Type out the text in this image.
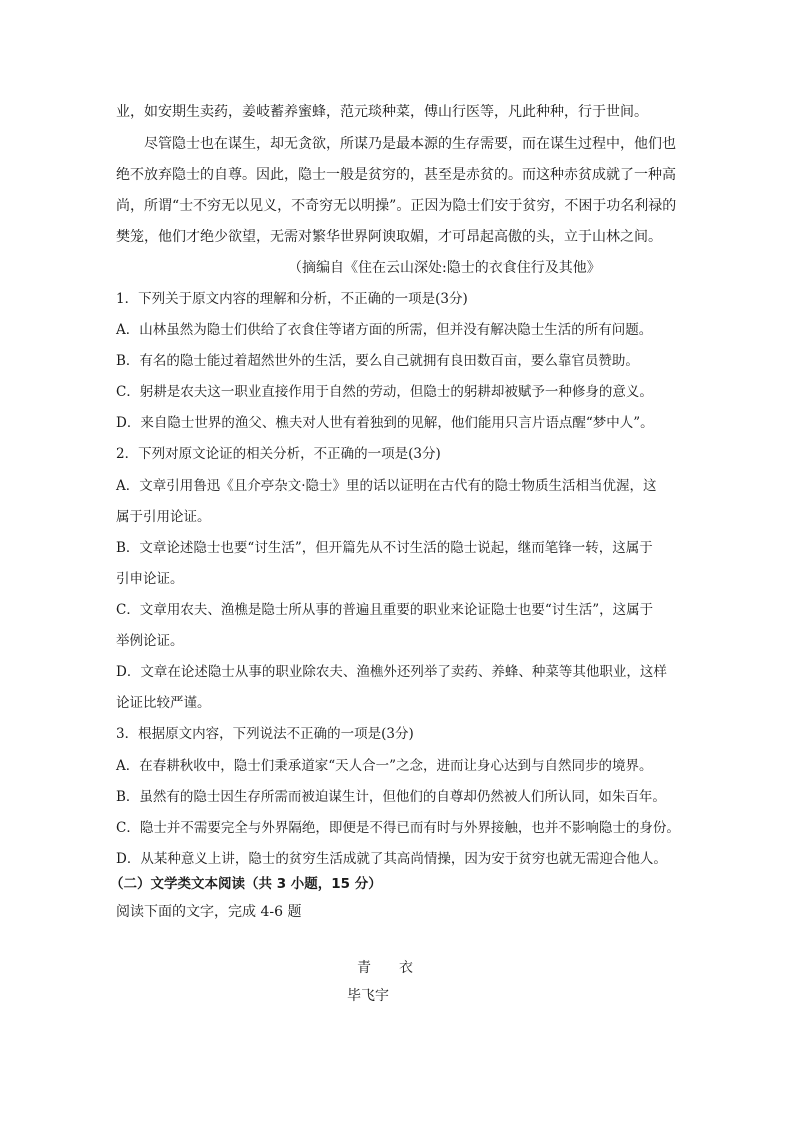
业，如安期生卖药，姜岐蓄养蜜蜂，范元琰种菜，傅山行医等，凡此种种，行于世间。
尽管隐士也在谋生，却无贪欲，所谋乃是最本源的生存需要，而在谋生过程中，他们也
绝不放弃隐士的自尊。因此，隐士一般是贫穷的，甚至是赤贫的。而这种赤贫成就了一种高
尚，所谓“士不穷无以见义，不奇穷无以明操”。正因为隐士们安于贫穷，不困于功名利禄的
樊笼，他们才绝少欲望，无需对繁华世界阿谀取媚，才可昂起高傲的头，立于山林之间。
（摘编自《住在云山深处:隐士的衣食住行及其他》
1．下列关于原文内容的理解和分析，不正确的一项是(3分)
A．山林虽然为隐士们供给了衣食住等诸方面的所需，但并没有解决隐士生活的所有问题。
B．有名的隐士能过着超然世外的生活，要么自己就拥有良田数百亩，要么靠官员赞助。
C．躬耕是农夫这一职业直接作用于自然的劳动，但隐士的躬耕却被赋予一种修身的意义。
D．来自隐士世界的渔父、樵夫对人世有着独到的见解，他们能用只言片语点醒“梦中人”。
2．下列对原文论证的相关分析，不正确的一项是(3分)
A．文章引用鲁迅《且介亭杂文·隐士》里的话以证明在古代有的隐士物质生活相当优渥，这
属于引用论证。
B．文章论述隐士也要“讨生活”，但开篇先从不讨生活的隐士说起，继而笔锋一转，这属于
引申论证。
C．文章用农夫、渔樵是隐士所从事的普遍且重要的职业来论证隐士也要“讨生活”，这属于
举例论证。
D．文章在论述隐士从事的职业除农夫、渔樵外还列举了卖药、养蜂、种菜等其他职业，这样
论证比较严谨。
3．根据原文内容，下列说法不正确的一项是(3分)
A．在春耕秋收中，隐士们秉承道家“天人合一”之念，进而让身心达到与自然同步的境界。
B．虽然有的隐士因生存所需而被迫谋生计，但他们的自尊却仍然被人们所认同，如朱百年。
C．隐士并不需要完全与外界隔绝，即便是不得已而有时与外界接触，也并不影响隐士的身份。
D．从某种意义上讲，隐士的贫穷生活成就了其高尚情操，因为安于贫穷也就无需迎合他人。
（二）文学类文本阅读（共 3 小题，15 分）
阅读下面的文字，完成 4-6 题
青衣
毕飞宇
